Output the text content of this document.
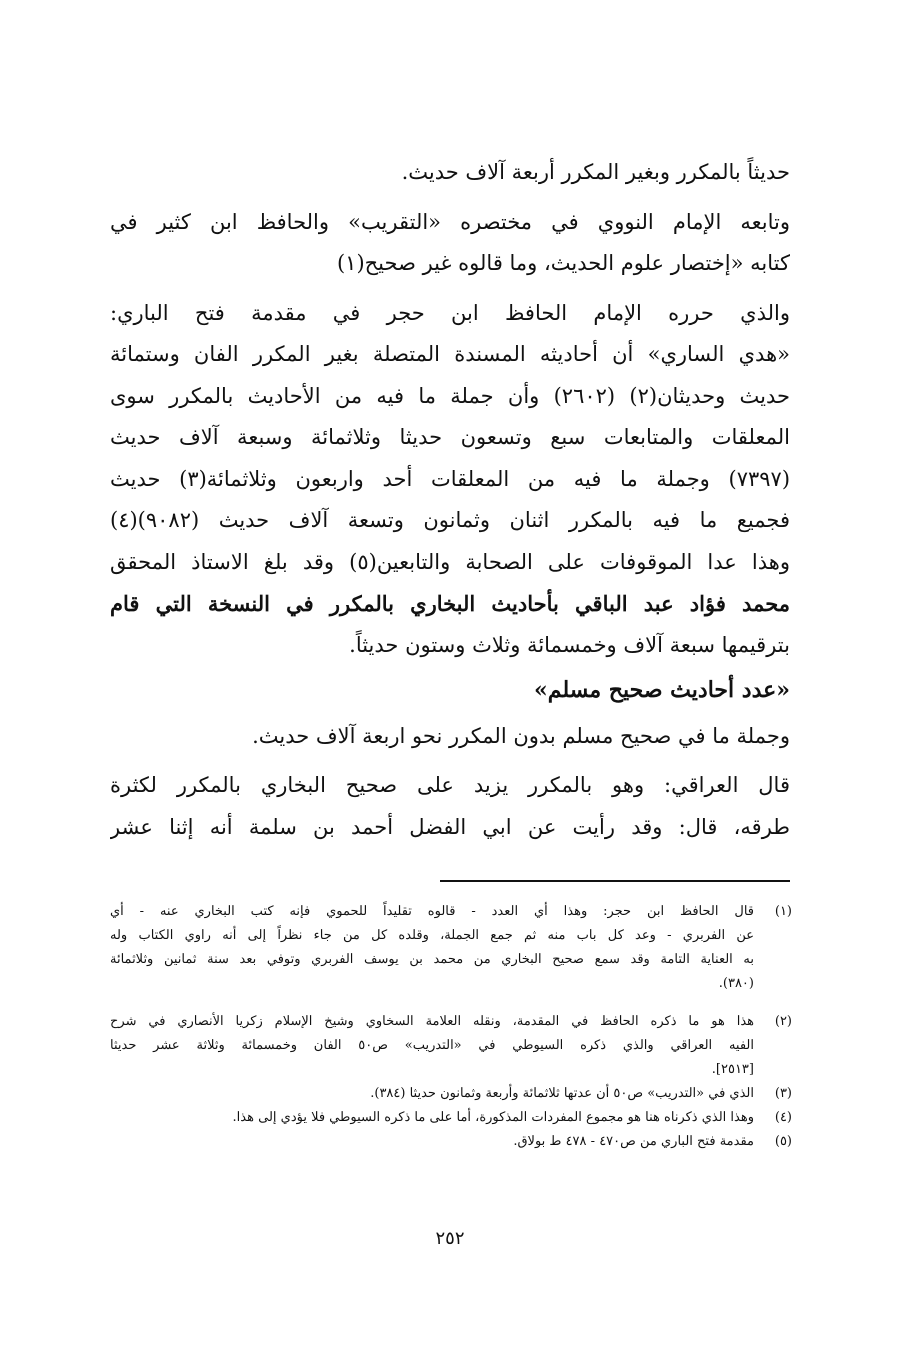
حديثاً بالمكرر وبغير المكرر أربعة آلاف حديث.
وتابعه الإمام النووي في مختصره «التقريب» والحافظ ابن كثير في
كتابه «إختصار علوم الحديث، وما قالوه غير صحيح(١)
والذي حرره الإمام الحافظ ابن حجر في مقدمة فتح الباري:
«هدي الساري» أن أحاديثه المسندة المتصلة بغير المكرر الفان وستمائة
حديث وحديثان(٢) (٢٦٠٢) وأن جملة ما فيه من الأحاديث بالمكرر سوى
المعلقات والمتابعات سبع وتسعون حديثا وثلاثمائة وسبعة آلاف حديث
(٧٣٩٧) وجملة ما فيه من المعلقات أحد واربعون وثلاثمائة(٣) حديث
فجميع ما فيه بالمكرر اثنان وثمانون وتسعة آلاف حديث (٩٠٨٢)(٤)
وهذا عدا الموقوفات على الصحابة والتابعين(٥) وقد بلغ الاستاذ المحقق
محمد فؤاد عبد الباقي بأحاديث البخاري بالمكرر في النسخة التي قام
بترقيمها سبعة آلاف وخمسمائة وثلاث وستون حديثاً.
«عدد أحاديث صحيح مسلم»
وجملة ما في صحيح مسلم بدون المكرر نحو اربعة آلاف حديث.
قال العراقي: وهو بالمكرر يزيد على صحيح البخاري بالمكرر لكثرة
طرقه، قال: وقد رأيت عن ابي الفضل أحمد بن سلمة أنه إثنا عشر
(١)
قال الحافظ ابن حجر: وهذا أي العدد - قالوه تقليداً للحموي فإنه كتب البخاري عنه - أي
عن الفربري - وعد كل باب منه ثم جمع الجملة، وقلده كل من جاء نظراً إلى أنه راوي الكتاب وله
به العناية التامة وقد سمع صحيح البخاري من محمد بن يوسف الفربري وتوفي بعد سنة ثمانين وثلاثمائة
(٣٨٠).
(٢)
هذا هو ما ذكره الحافظ في المقدمة، ونقله العلامة السخاوي وشيخ الإسلام زكريا الأنصاري في شرح
الفيه العراقي والذي ذكره السيوطي في «التدريب» ص٥٠ الفان وخمسمائة وثلاثة عشر حديثا
[٢٥١٣].
(٣)
الذي في «التدريب» ص٥٠ أن عدتها ثلاثمائة وأربعة وثمانون حديثا (٣٨٤).
(٤)
وهذا الذي ذكرناه هنا هو مجموع المفردات المذكورة، أما على ما ذكره السيوطي فلا يؤدي إلى هذا.
(٥)
مقدمة فتح الباري من ص٤٧٠ - ٤٧٨ ط بولاق.
٢٥٢
